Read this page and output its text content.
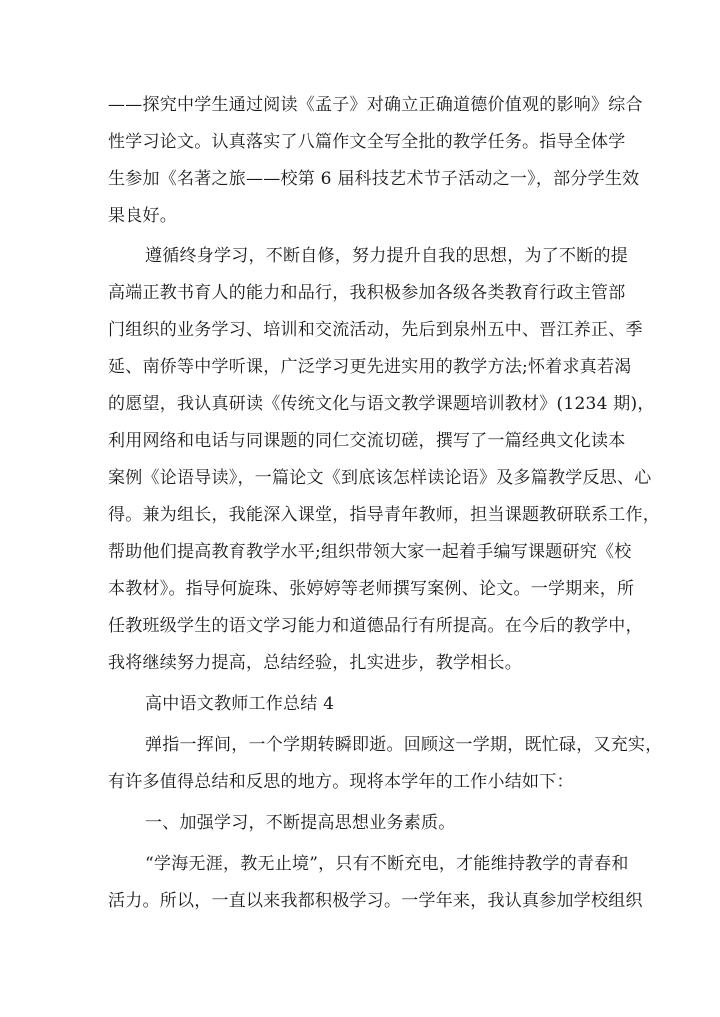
——探究中学生通过阅读《孟子》对确立正确道德价值观的影响》综合
性学习论文。认真落实了八篇作文全写全批的教学任务。指导全体学
生参加《名著之旅——校第 6 届科技艺术节子活动之一》，部分学生效
果良好。
遵循终身学习，不断自修，努力提升自我的思想，为了不断的提
高端正教书育人的能力和品行，我积极参加各级各类教育行政主管部
门组织的业务学习、培训和交流活动，先后到泉州五中、晋江养正、季
延、南侨等中学听课，广泛学习更先进实用的教学方法;怀着求真若渴
的愿望，我认真研读《传统文化与语文教学课题培训教材》(1234 期)，
利用网络和电话与同课题的同仁交流切磋，撰写了一篇经典文化读本
案例《论语导读》，一篇论文《到底该怎样读论语》及多篇教学反思、心
得。兼为组长，我能深入课堂，指导青年教师，担当课题教研联系工作，
帮助他们提高教育教学水平;组织带领大家一起着手编写课题研究《校
本教材》。指导何旋珠、张婷婷等老师撰写案例、论文。一学期来，所
任教班级学生的语文学习能力和道德品行有所提高。在今后的教学中，
我将继续努力提高，总结经验，扎实进步，教学相长。
高中语文教师工作总结 4
弹指一挥间，一个学期转瞬即逝。回顾这一学期，既忙碌，又充实，
有许多值得总结和反思的地方。现将本学年的工作小结如下：
一、加强学习，不断提高思想业务素质。
“学海无涯，教无止境”，只有不断充电，才能维持教学的青春和
活力。所以，一直以来我都积极学习。一学年来，我认真参加学校组织
